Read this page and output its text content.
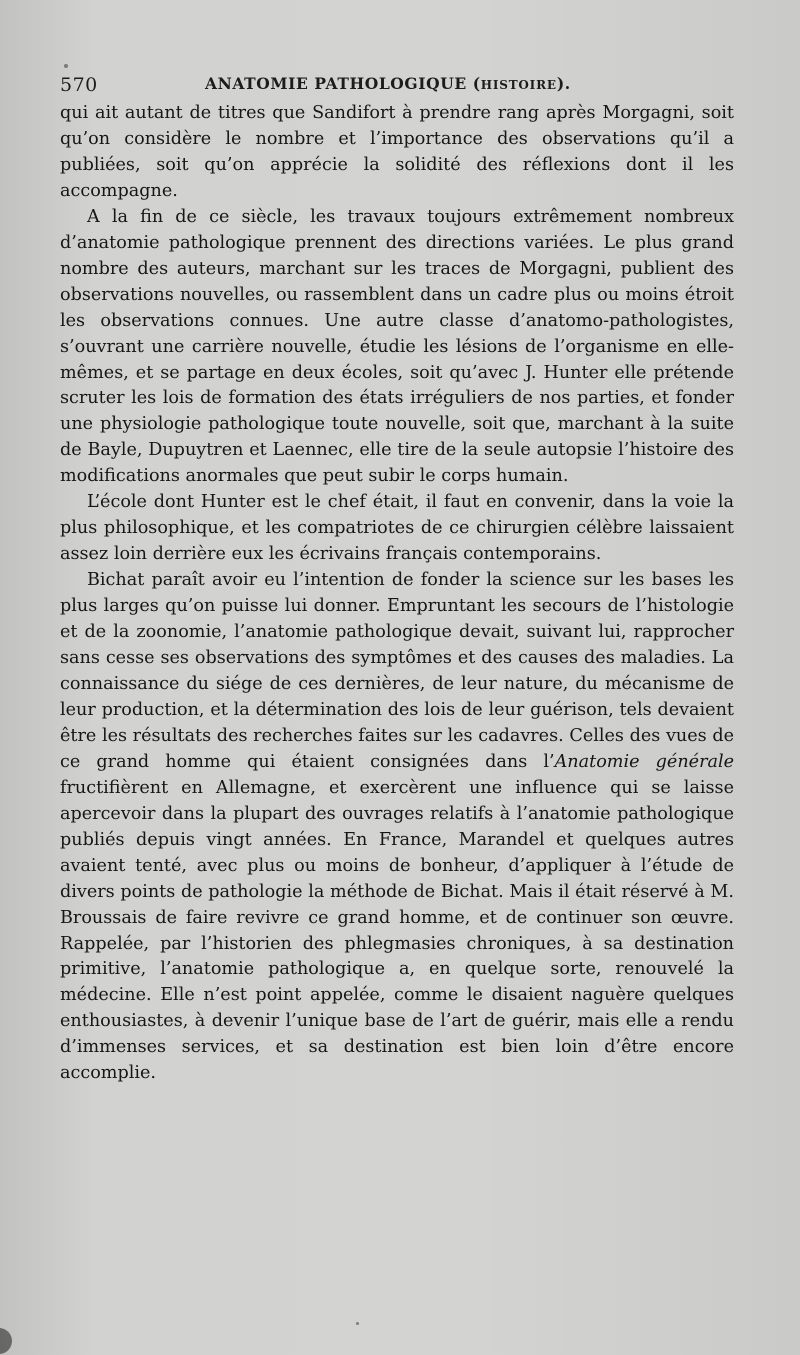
570	ANATOMIE PATHOLOGIQUE (HISTOIRE).

qui ait autant de titres que Sandifort à prendre rang après Morgagni, soit qu’on considère le nombre et l’importance des observations qu’il a publiées, soit qu’on apprécie la solidité des réflexions dont il les accompagne.

A la fin de ce siècle, les travaux toujours extrêmement nombreux d’anatomie pathologique prennent des directions variées. Le plus grand nombre des auteurs, marchant sur les traces de Morgagni, publient des observations nouvelles, ou rassemblent dans un cadre plus ou moins étroit les observations connues. Une autre classe d’anatomo-pathologistes, s’ouvrant une carrière nouvelle, étudie les lésions de l’organisme en elle-mêmes, et se partage en deux écoles, soit qu’avec J. Hunter elle prétende scruter les lois de formation des états irréguliers de nos parties, et fonder une physiologie pathologique toute nouvelle, soit que, marchant à la suite de Bayle, Dupuytren et Laennec, elle tire de la seule autopsie l’histoire des modifications anormales que peut subir le corps humain.

L’école dont Hunter est le chef était, il faut en convenir, dans la voie la plus philosophique, et les compatriotes de ce chirurgien célèbre laissaient assez loin derrière eux les écrivains français contemporains.

Bichat paraît avoir eu l’intention de fonder la science sur les bases les plus larges qu’on puisse lui donner. Empruntant les secours de l’histologie et de la zoonomie, l’anatomie pathologique devait, suivant lui, rapprocher sans cesse ses observations des symptômes et des causes des maladies. La connaissance du siége de ces dernières, de leur nature, du mécanisme de leur production, et la détermination des lois de leur guérison, tels devaient être les résultats des recherches faites sur les cadavres. Celles des vues de ce grand homme qui étaient consignées dans l’Anatomie générale fructifièrent en Allemagne, et exercèrent une influence qui se laisse apercevoir dans la plupart des ouvrages relatifs à l’anatomie pathologique publiés depuis vingt années. En France, Marandel et quelques autres avaient tenté, avec plus ou moins de bonheur, d’appliquer à l’étude de divers points de pathologie la méthode de Bichat. Mais il était réservé à M. Broussais de faire revivre ce grand homme, et de continuer son œuvre. Rappelée, par l’historien des phlegmasies chroniques, à sa destination primitive, l’anatomie pathologique a, en quelque sorte, renouvelé la médecine. Elle n’est point appelée, comme le disaient naguère quelques enthousiastes, à devenir l’unique base de l’art de guérir, mais elle a rendu d’immenses services, et sa destination est bien loin d’être encore accomplie.
